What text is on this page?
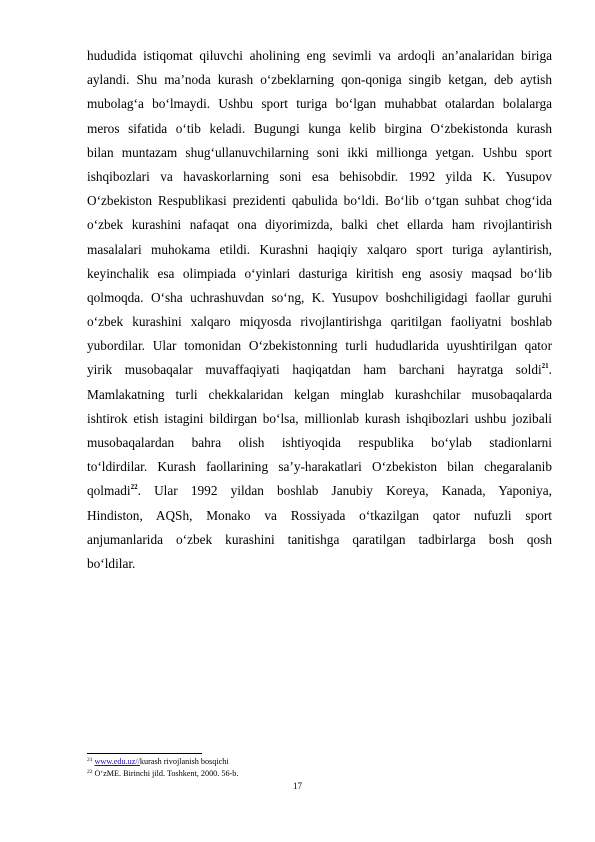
hududida istiqomat qiluvchi aholining eng sevimli va ardoqli anʼanalaridan biriga
aylandi. Shu maʼnoda kurash oʻzbeklarning qon-qoniga singib ketgan, deb aytish
mubolagʻa boʻlmaydi. Ushbu sport turiga boʻlgan muhabbat otalardan bolalarga
meros sifatida oʻtib keladi. Bugungi kunga kelib birgina Oʻzbekistonda kurash
bilan muntazam shugʻullanuvchilarning soni ikki millionga yetgan. Ushbu sport
ishqibozlari va havaskorlarning soni esa behisobdir. 1992 yilda K. Yusupov
Oʻzbekiston Respublikasi prezidenti qabulida boʻldi. Boʻlib oʻtgan suhbat chogʻida
oʻzbek kurashini nafaqat ona diyorimizda, balki chet ellarda ham rivojlantirish
masalalari muhokama etildi. Kurashni haqiqiy xalqaro sport turiga aylantirish,
keyinchalik esa olimpiada oʻyinlari dasturiga kiritish eng asosiy maqsad boʻlib
qolmoqda. Oʻsha uchrashuvdan soʻng, K. Yusupov boshchiligidagi faollar guruhi
oʻzbek kurashini xalqaro miqyosda rivojlantirishga qaritilgan faoliyatni boshlab
yubordilar. Ular tomonidan Oʻzbekistonning turli hududlarida uyushtirilgan qator
yirik musobaqalar muvaffaqiyati haqiqatdan ham barchani hayratga soldi$^{21}$.
Mamlakatning turli chekkalaridan kelgan minglab kurashchilar musobaqalarda
ishtirok etish istagini bildirgan boʻlsa, millionlab kurash ishqibozlari ushbu jozibali
musobaqalardan bahra olish ishtiyoqida respublika boʻylab stadionlarni
toʻldirdilar. Kurash faollarining saʼy-harakatlari Oʻzbekiston bilan chegaralanib
qolmadi$^{22}$. Ular 1992 yildan boshlab Janubiy Koreya, Kanada, Yaponiya,
Hindiston, AQSh, Monako va Rossiyada oʻtkazilgan qator nufuzli sport
anjumanlarida oʻzbek kurashini tanitishga qaratilgan tadbirlarga bosh qosh
boʻldilar.
$^{21}$ www.edu.uz//kurash rivojlanish bosqichi
$^{22}$ OʻzME. Birinchi jild. Toshkent, 2000. 56-b.
17
